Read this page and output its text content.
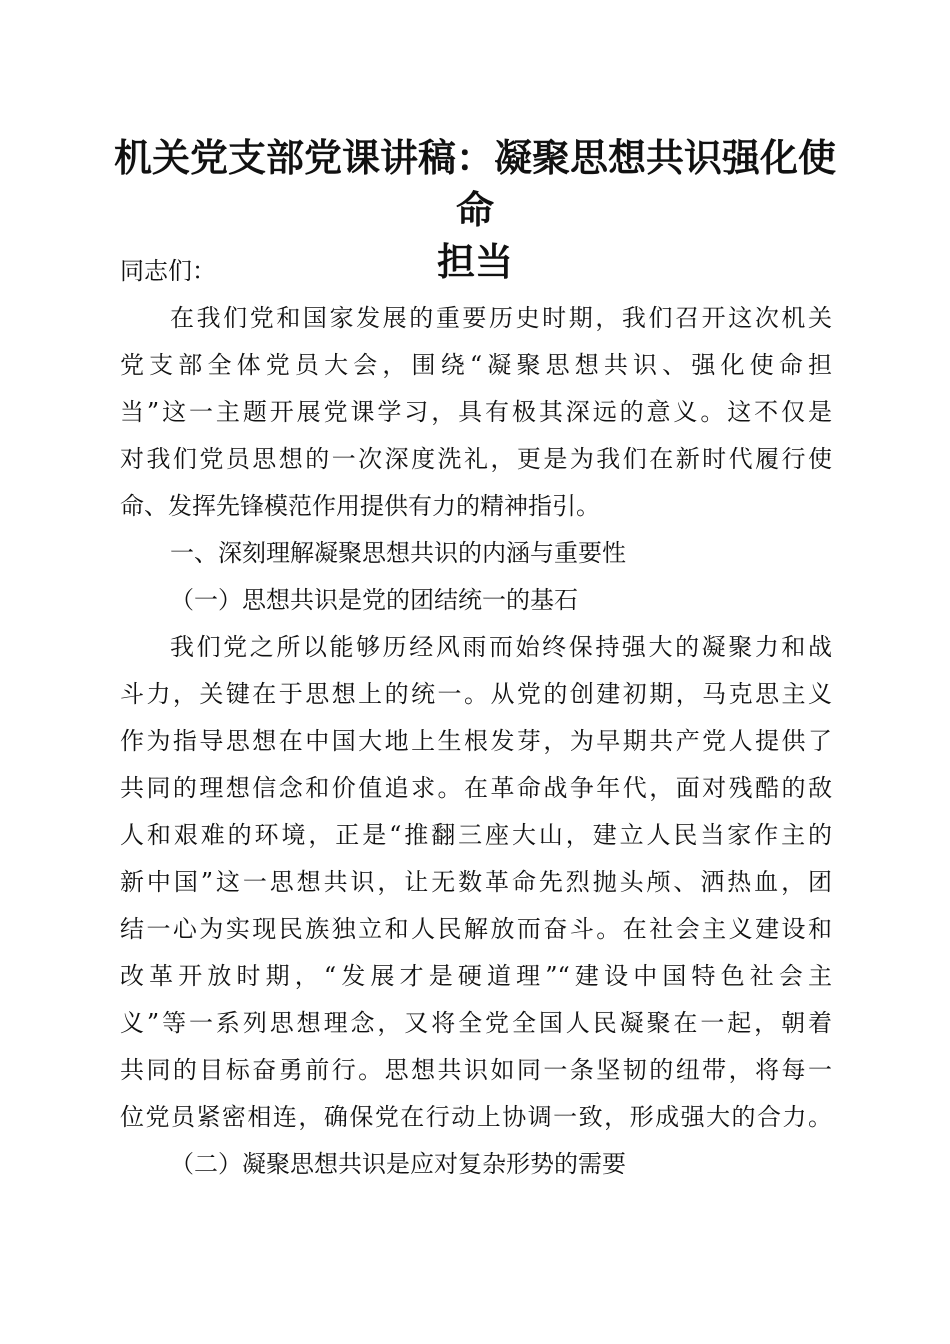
机关党支部党课讲稿：凝聚思想共识强化使命
担当
同志们：
在我们党和国家发展的重要历史时期，我们召开这次机关
党支部全体党员大会，围绕“凝聚思想共识、强化使命担
当”这一主题开展党课学习，具有极其深远的意义。这不仅是
对我们党员思想的一次深度洗礼，更是为我们在新时代履行使
命、发挥先锋模范作用提供有力的精神指引。
一、深刻理解凝聚思想共识的内涵与重要性
（一）思想共识是党的团结统一的基石
我们党之所以能够历经风雨而始终保持强大的凝聚力和战
斗力，关键在于思想上的统一。从党的创建初期，马克思主义
作为指导思想在中国大地上生根发芽，为早期共产党人提供了
共同的理想信念和价值追求。在革命战争年代，面对残酷的敌
人和艰难的环境，正是“推翻三座大山，建立人民当家作主的
新中国”这一思想共识，让无数革命先烈抛头颅、洒热血，团
结一心为实现民族独立和人民解放而奋斗。在社会主义建设和
改革开放时期，“发展才是硬道理”“建设中国特色社会主
义”等一系列思想理念，又将全党全国人民凝聚在一起，朝着
共同的目标奋勇前行。思想共识如同一条坚韧的纽带，将每一
位党员紧密相连，确保党在行动上协调一致，形成强大的合力。
（二）凝聚思想共识是应对复杂形势的需要
